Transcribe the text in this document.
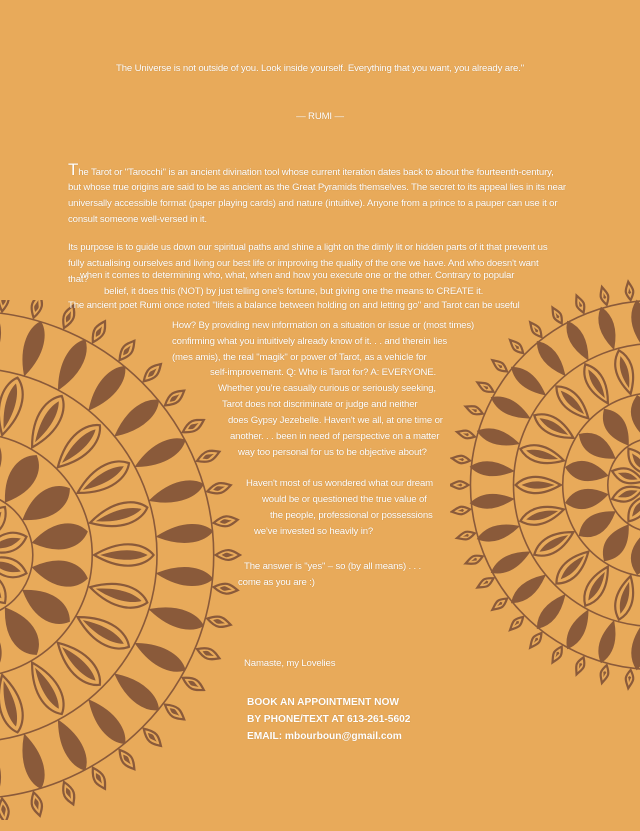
The Universe is not outside of you. Look inside yourself. Everything that you want, you already are."

— RUMI —

The Tarot or "Tarocchi" is an ancient divination tool whose current iteration dates back to about the fourteenth-century,

but whose true origins are said to be as ancient as the Great Pyramids themselves. The secret to its appeal lies in its near

universally accessible format (paper playing cards) and nature (intuitive). Anyone from a prince to a pauper can use it or

consult someone well-versed in it.

Its purpose is to guide us down our spiritual paths and shine a light on the dimly lit or hidden parts of it that prevent us

fully actualising ourselves and living our best life or improving the quality of the one we have. And who doesn't want

that?

when it comes to determining who, what, when and how you execute one or the other. Contrary to popular

belief, it does this (NOT) by just telling one's fortune, but giving one the means to CREATE it.

The ancient poet Rumi once noted "lifeis a balance between holding on and letting go" and Tarot can be useful

How? By providing new information on a situation or issue or (most times)

confirming what you intuitively already know of it. . . and therein lies

(mes amis), the real "magik" or power of Tarot, as a vehicle for

self-improvement. Q: Who is Tarot for? A: EVERYONE.

Whether you're casually curious or seriously seeking,

Tarot does not discriminate or judge and neither

does Gypsy Jezebelle. Haven't we all, at one time or

another. . . been in need of perspective on a matter

way too personal for us to be objective about?

Haven't most of us wondered what our dream

would be or questioned the true value of

the people, professional or possessions

we've invested so heavily in?

The answer is "yes" – so (by all means) . . .

come as you are :)

Namaste, my Lovelies

BOOK AN APPOINTMENT NOW

BY PHONE/TEXT AT 613-261-5602

EMAIL: mbourboun@gmail.com
